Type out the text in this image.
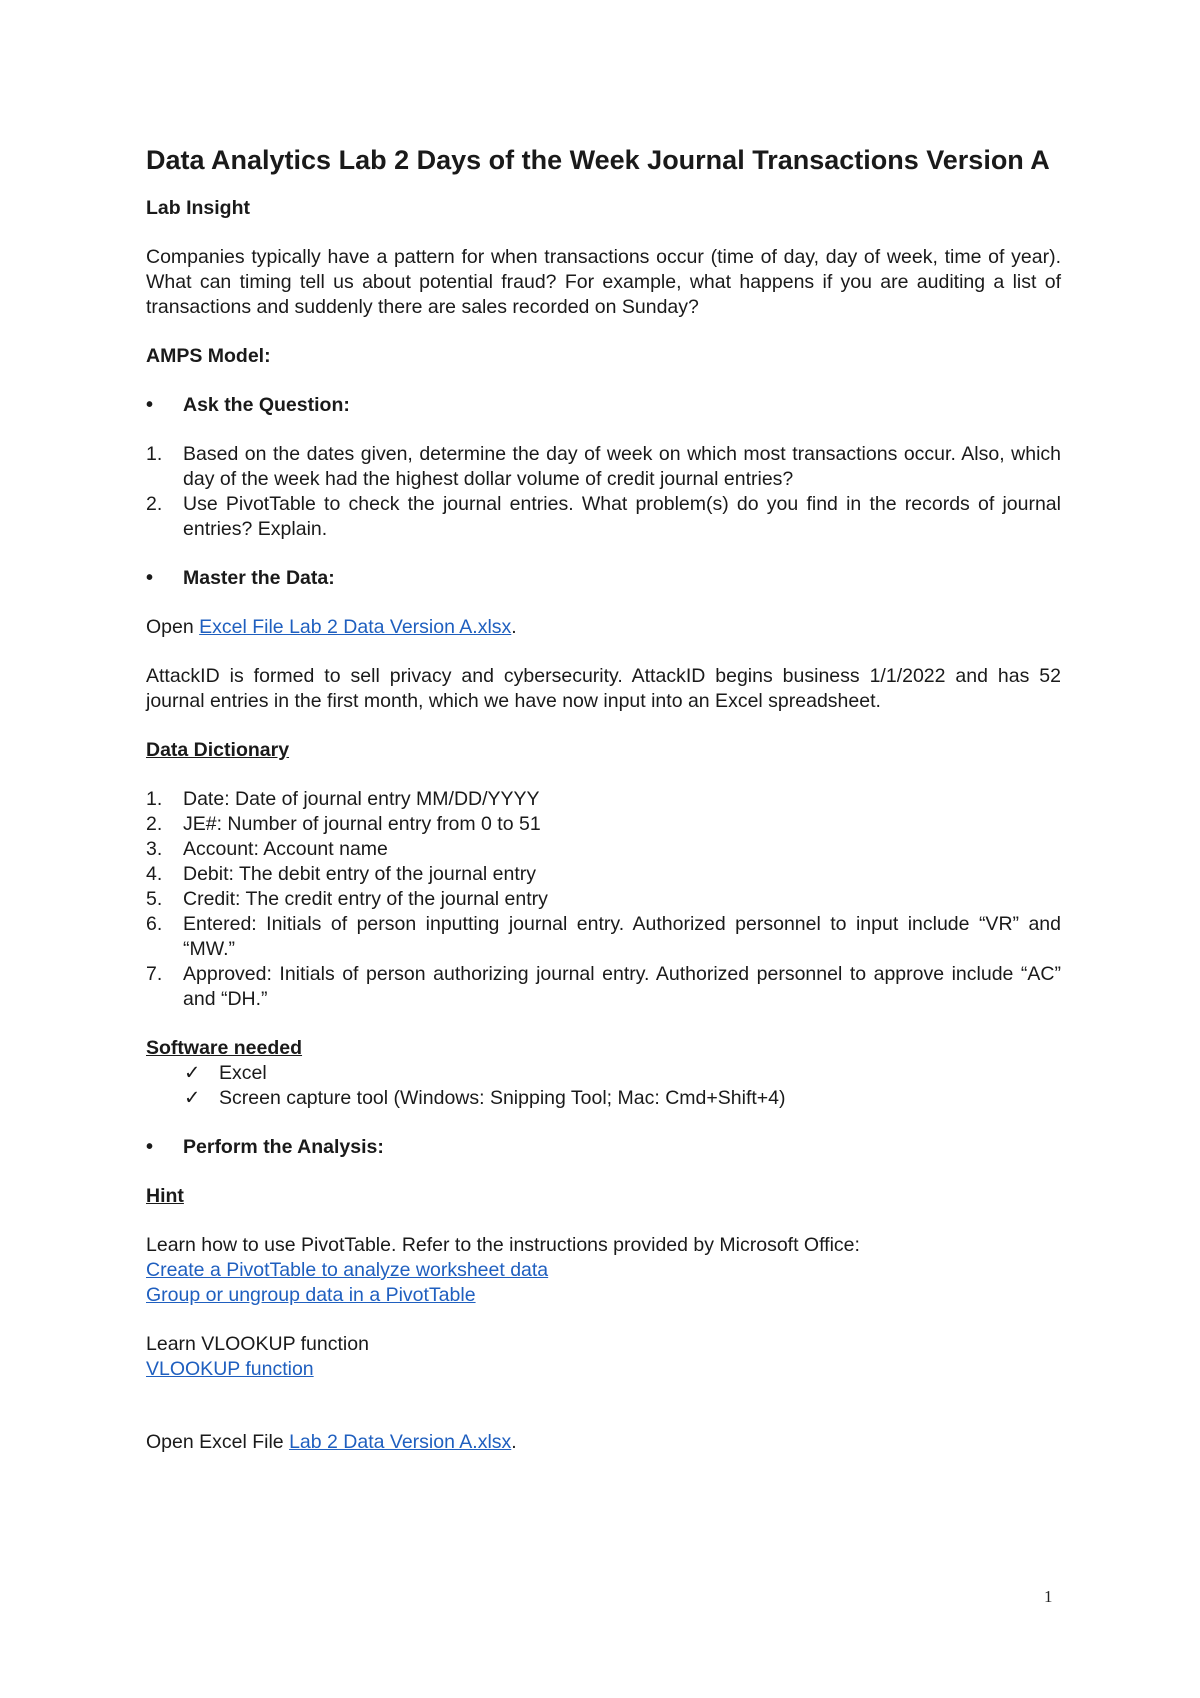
Data Analytics Lab 2 Days of the Week Journal Transactions Version A

Lab Insight

Companies typically have a pattern for when transactions occur (time of day, day of week, time of year). What can timing tell us about potential fraud? For example, what happens if you are auditing a list of transactions and suddenly there are sales recorded on Sunday?

AMPS Model:

• Ask the Question:
1. Based on the dates given, determine the day of week on which most transactions occur. Also, which day of the week had the highest dollar volume of credit journal entries?
2. Use PivotTable to check the journal entries. What problem(s) do you find in the records of journal entries? Explain.
• Master the Data:

Open Excel File Lab 2 Data Version A.xlsx.

AttackID is formed to sell privacy and cybersecurity. AttackID begins business 1/1/2022 and has 52 journal entries in the first month, which we have now input into an Excel spreadsheet.

Data Dictionary

1. Date: Date of journal entry MM/DD/YYYY
2. JE#: Number of journal entry from 0 to 51
3. Account: Account name
4. Debit: The debit entry of the journal entry
5. Credit: The credit entry of the journal entry
6. Entered: Initials of person inputting journal entry. Authorized personnel to input include “VR” and “MW.”
7. Approved: Initials of person authorizing journal entry. Authorized personnel to approve include “AC” and “DH.”

Software needed

✓ Excel
✓ Screen capture tool (Windows: Snipping Tool; Mac: Cmd+Shift+4)
• Perform the Analysis:

Hint

Learn how to use PivotTable. Refer to the instructions provided by Microsoft Office:

Create a PivotTable to analyze worksheet data

Group or ungroup data in a PivotTable

Learn VLOOKUP function

VLOOKUP function

Open Excel File Lab 2 Data Version A.xlsx.

1
